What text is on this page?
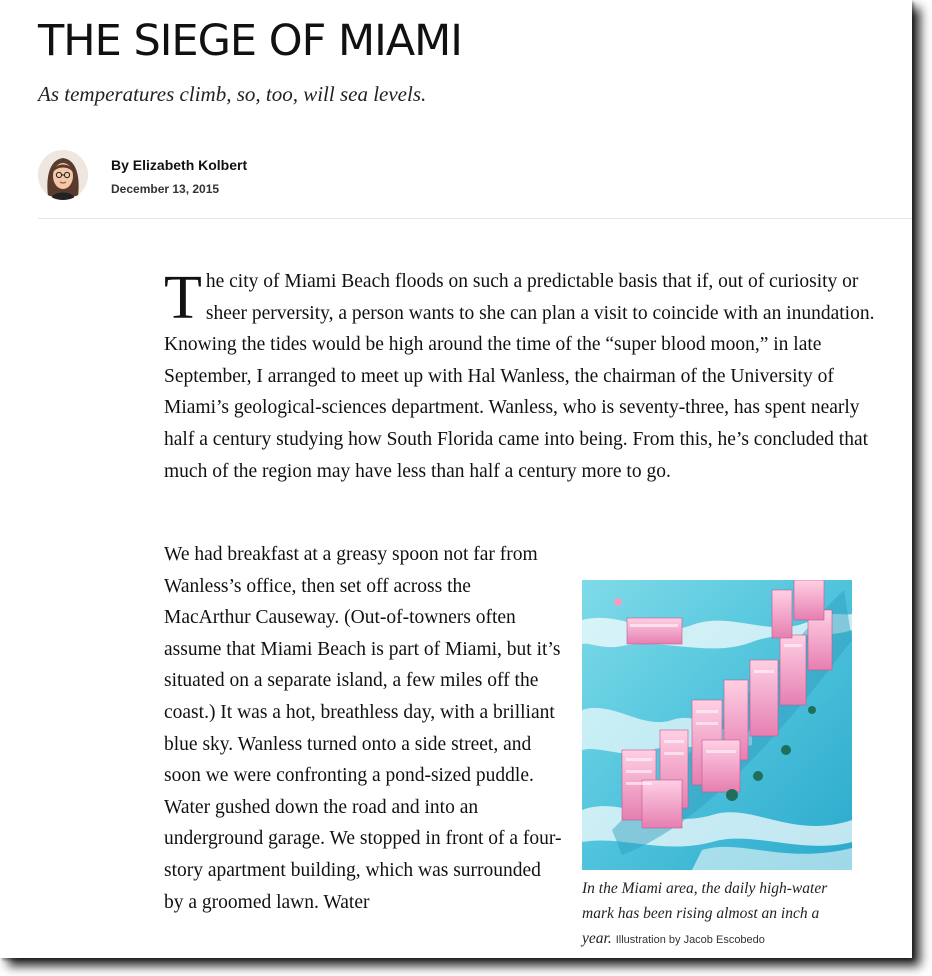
THE SIEGE OF MIAMI

As temperatures climb, so, too, will sea levels.

By Elizabeth Kolbert
December 13, 2015

The city of Miami Beach floods on such a predictable basis that if, out of curiosity or sheer perversity, a person wants to she can plan a visit to coincide with an inundation. Knowing the tides would be high around the time of the “super blood moon,” in late September, I arranged to meet up with Hal Wanless, the chairman of the University of Miami’s geological-sciences department. Wanless, who is seventy-three, has spent nearly half a century studying how South Florida came into being. From this, he’s concluded that much of the region may have less than half a century more to go.

We had breakfast at a greasy spoon not far from Wanless’s office, then set off across the MacArthur Causeway. (Out-of-towners often assume that Miami Beach is part of Miami, but it’s situated on a separate island, a few miles off the coast.) It was a hot, breathless day, with a brilliant blue sky. Wanless turned onto a side street, and soon we were confronting a pond-sized puddle. Water gushed down the road and into an underground garage. We stopped in front of a four-story apartment building, which was surrounded by a groomed lawn. Water

In the Miami area, the daily high-water mark has been rising almost an inch a year. Illustration by Jacob Escobedo
